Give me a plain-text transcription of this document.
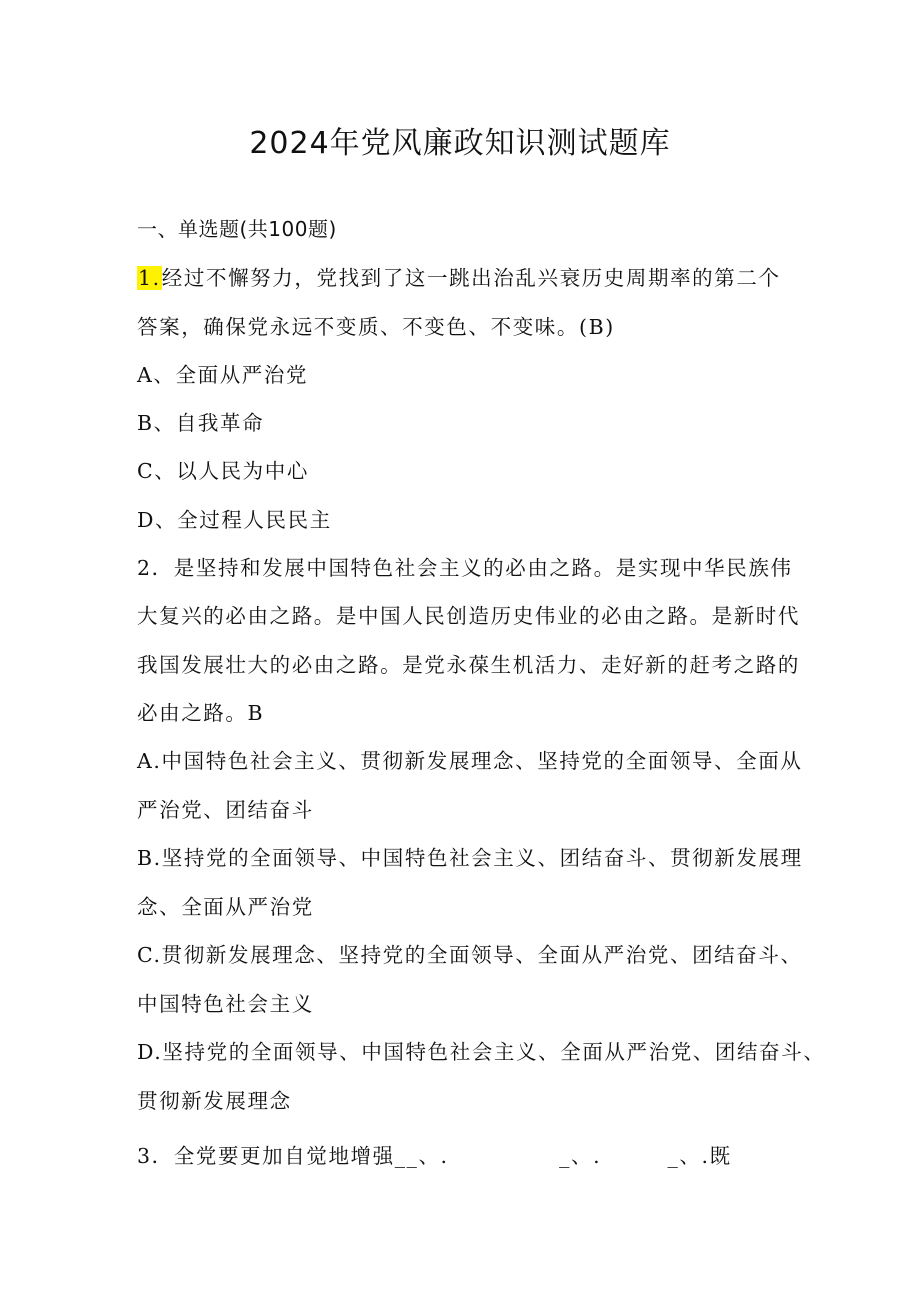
2024年党风廉政知识测试题库
一、单选题(共100题)
1.经过不懈努力，党找到了这一跳出治乱兴衰历史周期率的第二个
答案，确保党永远不变质、不变色、不变味。(B)
A、全面从严治党
B、自我革命
C、以人民为中心
D、全过程人民民主
2．是坚持和发展中国特色社会主义的必由之路。是实现中华民族伟
大复兴的必由之路。是中国人民创造历史伟业的必由之路。是新时代
我国发展壮大的必由之路。是党永葆生机活力、走好新的赶考之路的
必由之路。B
A.中国特色社会主义、贯彻新发展理念、坚持党的全面领导、全面从
严治党、团结奋斗
B.坚持党的全面领导、中国特色社会主义、团结奋斗、贯彻新发展理
念、全面从严治党
C.贯彻新发展理念、坚持党的全面领导、全面从严治党、团结奋斗、
中国特色社会主义
D.坚持党的全面领导、中国特色社会主义、全面从严治党、团结奋斗、
贯彻新发展理念
3．全党要更加自觉地增强__、.　　　　　_、.　　　_、.既
